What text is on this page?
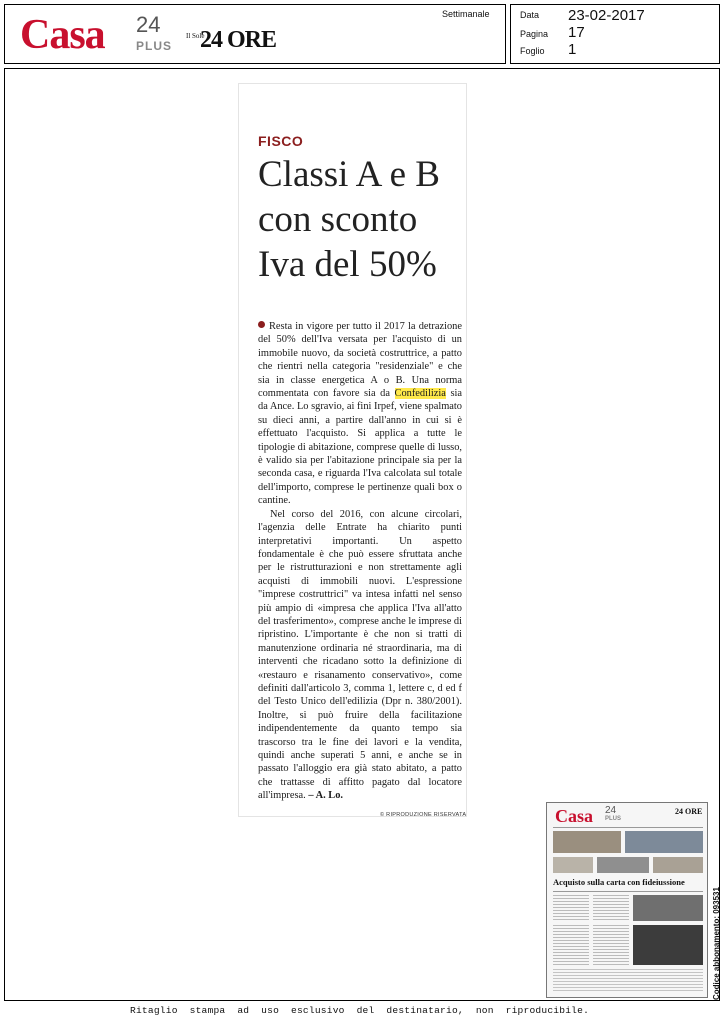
Casa 24
PLUS
Il Sole
24 ORE
Settimanale	Data 23-02-2017
Pagina 17
Foglio 1
FISCO
Classi A e B con sconto Iva del 50%

Resta in vigore per tutto il 2017 la detrazione del 50% dell'Iva versata per l'acquisto di un immobile nuovo, da società costruttrice, a patto che rientri nella categoria "residenziale" e che sia in classe energetica A o B. Una norma commentata con favore sia da Confedilizia sia da Ance. Lo sgravio, ai fini Irpef, viene spalmato su dieci anni, a partire dall'anno in cui si è effettuato l'acquisto. Si applica a tutte le tipologie di abitazione, comprese quelle di lusso, è valido sia per l'abitazione principale sia per la seconda casa, e riguarda l'Iva calcolata sul totale dell'importo, comprese le pertinenze quali box o cantine.

Nel corso del 2016, con alcune circolari, l'agenzia delle Entrate ha chiarito punti interpretativi importanti. Un aspetto fondamentale è che può essere sfruttata anche per le ristrutturazioni e non strettamente agli acquisti di immobili nuovi. L'espressione "imprese costruttrici" va intesa infatti nel senso più ampio di «impresa che applica l'Iva all'atto del trasferimento», comprese anche le imprese di ripristino. L'importante è che non si tratti di manutenzione ordinaria né straordinaria, ma di interventi che ricadano sotto la definizione di «restauro e risanamento conservativo», come definiti dall'articolo 3, comma 1, lettere c, d ed f del Testo Unico dell'edilizia (Dpr n. 380/2001). Inoltre, si può fruire della facilitazione indipendentemente da quanto tempo sia trascorso tra le fine dei lavori e la vendita, quindi anche superati 5 anni, e anche se in passato l'alloggio era già stato abitato, a patto che trattasse di affitto pagato dal locatore all'impresa. – A. Lo.

© RIPRODUZIONE RISERVATA	Casa 24
PLUS
24 ORE
Acquisto sulla carta con fideiussione
Codice abbonamento: 093531
Ritaglio stampa ad uso esclusivo del destinatario, non riproducibile.
